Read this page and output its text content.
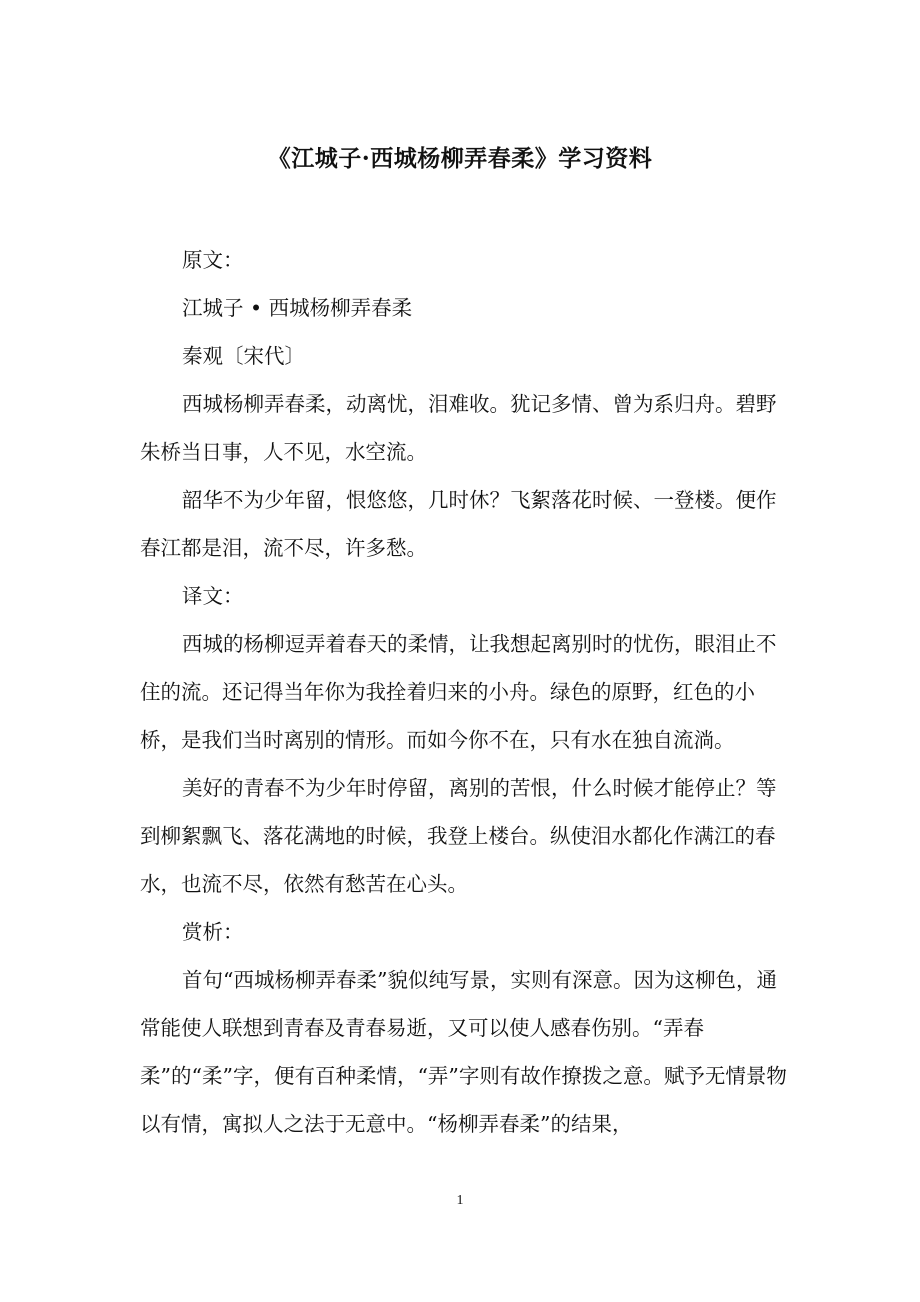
《江城子·西城杨柳弄春柔》学习资料

原文：

江城子 • 西城杨柳弄春柔

秦观〔宋代〕

西城杨柳弄春柔，动离忧，泪难收。犹记多情、曾为系归舟。碧野朱桥当日事，人不见，水空流。

韶华不为少年留，恨悠悠，几时休？飞絮落花时候、一登楼。便作春江都是泪，流不尽，许多愁。

译文：

西城的杨柳逗弄着春天的柔情，让我想起离别时的忧伤，眼泪止不住的流。还记得当年你为我拴着归来的小舟。绿色的原野，红色的小桥，是我们当时离别的情形。而如今你不在，只有水在独自流淌。

美好的青春不为少年时停留，离别的苦恨，什么时候才能停止？等到柳絮飘飞、落花满地的时候，我登上楼台。纵使泪水都化作满江的春水，也流不尽，依然有愁苦在心头。

赏析：

首句“西城杨柳弄春柔”貌似纯写景，实则有深意。因为这柳色，通常能使人联想到青春及青春易逝，又可以使人感春伤别。“弄春柔”的“柔”字，便有百种柔情，“弄”字则有故作撩拨之意。赋予无情景物以有情，寓拟人之法于无意中。“杨柳弄春柔”的结果，

1
